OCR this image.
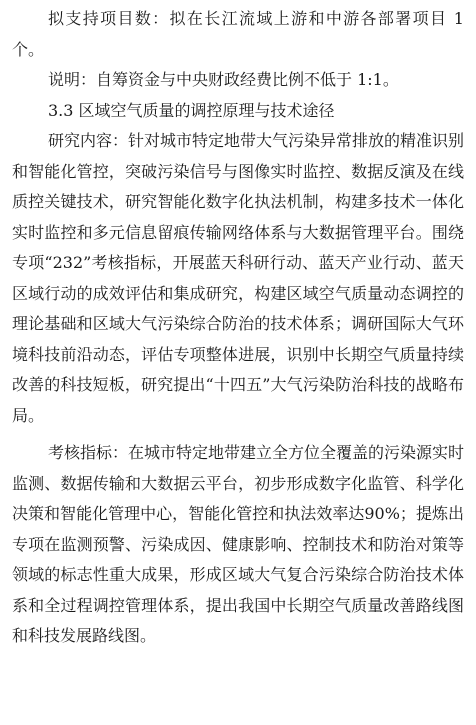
拟支持项目数：拟在长江流域上游和中游各部署项目 1 个。

说明：自筹资金与中央财政经费比例不低于 1:1。

3.3 区域空气质量的调控原理与技术途径

研究内容：针对城市特定地带大气污染异常排放的精准识别和智能化管控，突破污染信号与图像实时监控、数据反演及在线质控关键技术，研究智能化数字化执法机制，构建多技术一体化实时监控和多元信息留痕传输网络体系与大数据管理平台。围绕专项“232”考核指标，开展蓝天科研行动、蓝天产业行动、蓝天区域行动的成效评估和集成研究，构建区域空气质量动态调控的理论基础和区域大气污染综合防治的技术体系；调研国际大气环境科技前沿动态，评估专项整体进展，识别中长期空气质量持续改善的科技短板，研究提出“十四五”大气污染防治科技的战略布局。

考核指标：在城市特定地带建立全方位全覆盖的污染源实时监测、数据传输和大数据云平台，初步形成数字化监管、科学化决策和智能化管理中心，智能化管控和执法效率达90%；提炼出专项在监测预警、污染成因、健康影响、控制技术和防治对策等领域的标志性重大成果，形成区域大气复合污染综合防治技术体系和全过程调控管理体系，提出我国中长期空气质量改善路线图和科技发展路线图。
